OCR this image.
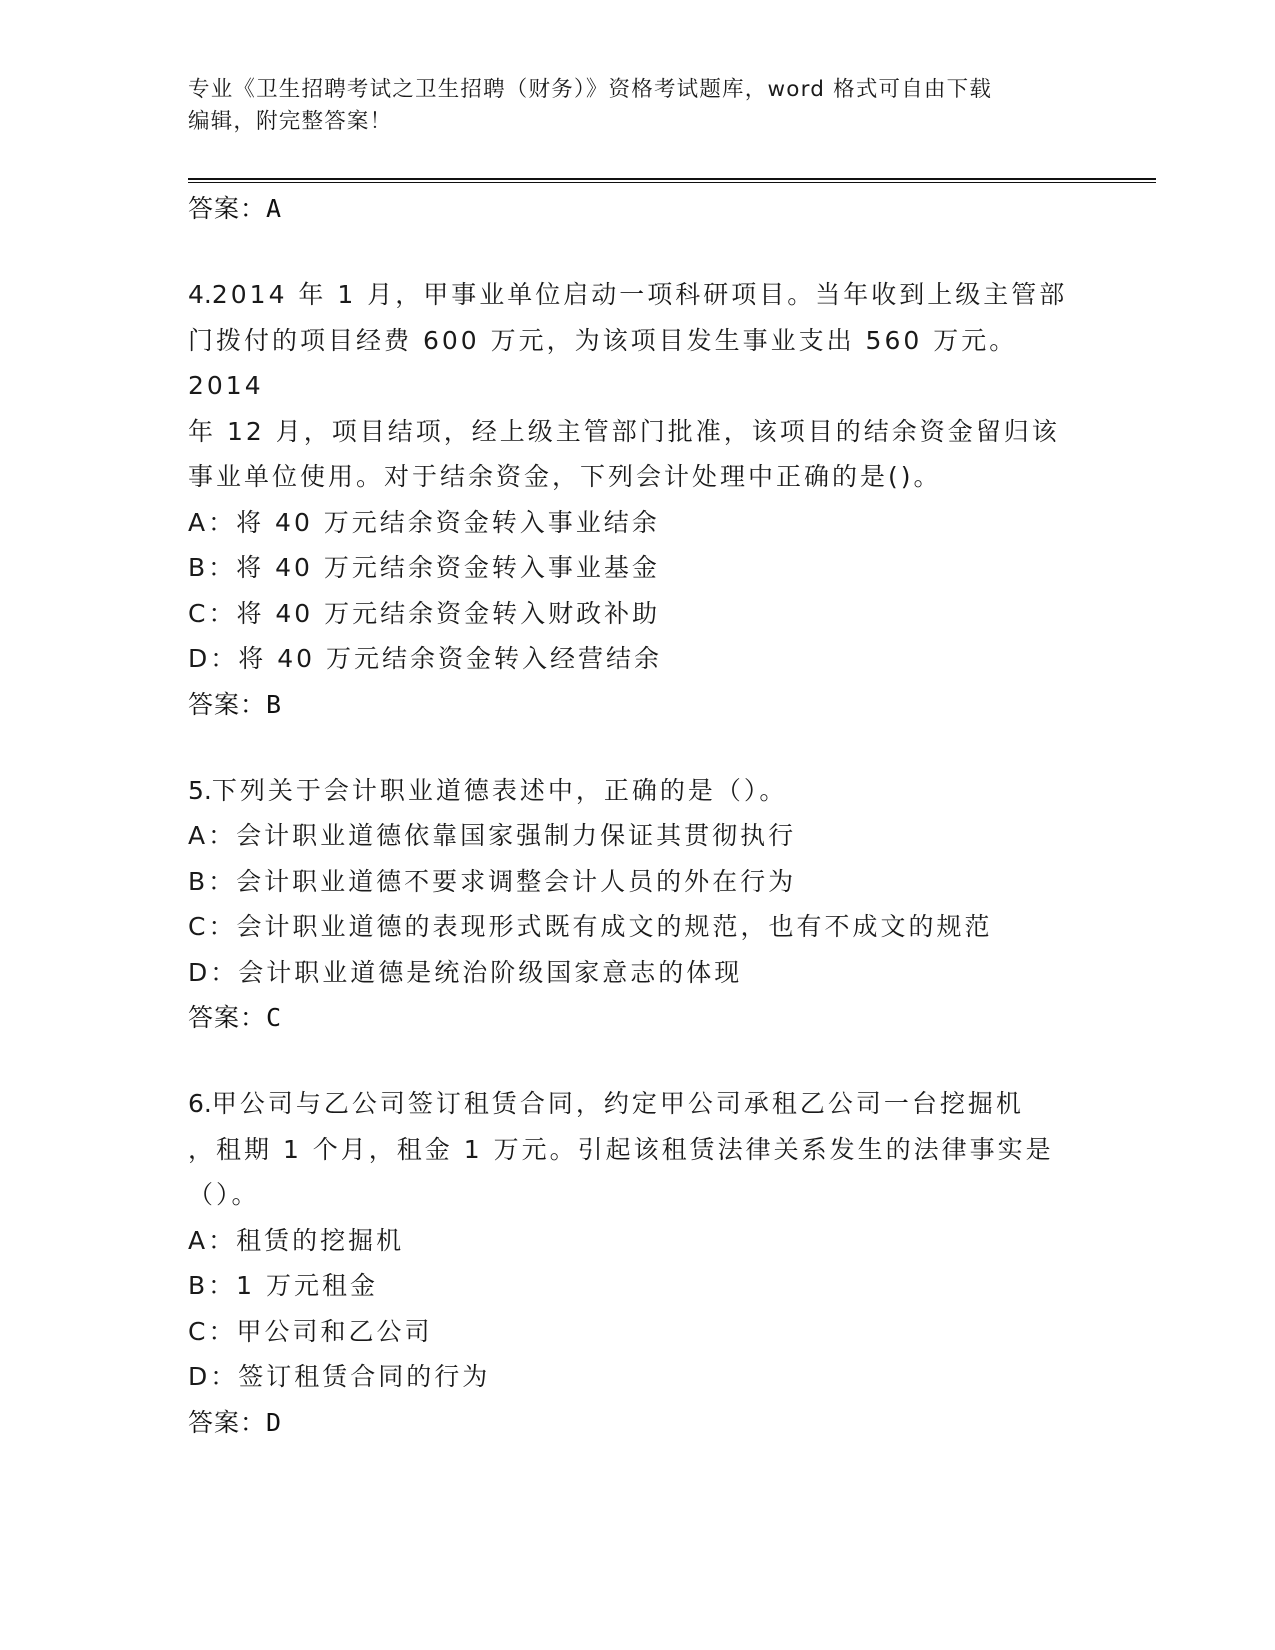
专业《卫生招聘考试之卫生招聘（财务）》资格考试题库，word 格式可自由下载
编辑，附完整答案！
答案：A
4.2014 年 1 月，甲事业单位启动一项科研项目。当年收到上级主管部
门拨付的项目经费 600 万元，为该项目发生事业支出 560 万元。2014
年 12 月，项目结项，经上级主管部门批准，该项目的结余资金留归该
事业单位使用。对于结余资金，下列会计处理中正确的是()。
A：将 40 万元结余资金转入事业结余
B：将 40 万元结余资金转入事业基金
C：将 40 万元结余资金转入财政补助
D：将 40 万元结余资金转入经营结余
答案：B
5.下列关于会计职业道德表述中，正确的是（）。
A：会计职业道德依靠国家强制力保证其贯彻执行
B：会计职业道德不要求调整会计人员的外在行为
C：会计职业道德的表现形式既有成文的规范，也有不成文的规范
D：会计职业道德是统治阶级国家意志的体现
答案：C
6.甲公司与乙公司签订租赁合同，约定甲公司承租乙公司一台挖掘机
，租期 1 个月，租金 1 万元。引起该租赁法律关系发生的法律事实是
（）。
A：租赁的挖掘机
B：1 万元租金
C：甲公司和乙公司
D：签订租赁合同的行为
答案：D
